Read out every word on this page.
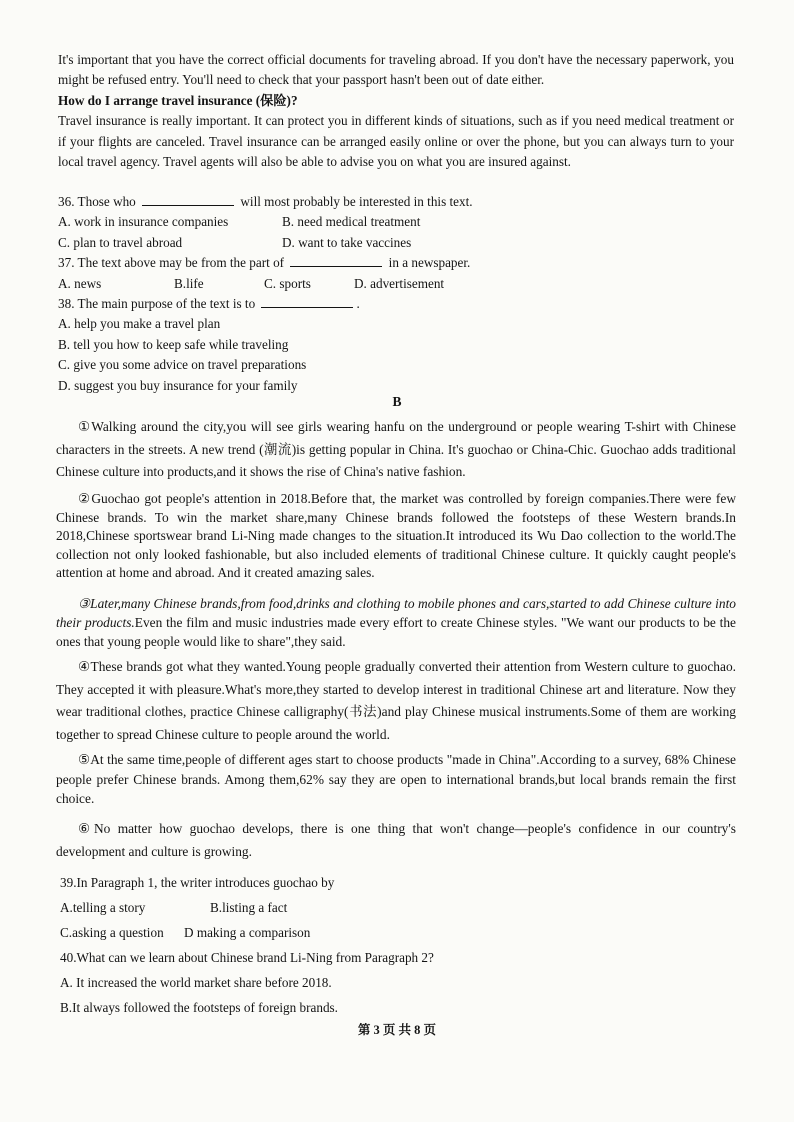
It's important that you have the correct official documents for traveling abroad. If you don't have the necessary paperwork, you might be refused entry. You'll need to check that your passport hasn't been out of date either.

How do I arrange travel insurance (保险)?

Travel insurance is really important. It can protect you in different kinds of situations, such as if you need medical treatment or if your flights are canceled. Travel insurance can be arranged easily online or over the phone, but you can always turn to your local travel agency. Travel agents will also be able to advise you on what you are insured against.

36. Those who	will most probably be interested in this text.
A. work in insurance companies	B. need medical treatment
C. plan to travel abroad	D. want to take vaccines
37. The text above may be from the part of	in a newspaper.
A. news	B.life	C. sports	D. advertisement
38. The main purpose of the text is to	.
A. help you make a travel plan
B. tell you how to keep safe while traveling
C. give you some advice on travel preparations
D. suggest you buy insurance for your family
B

①Walking around the city,you will see girls wearing hanfu on the underground or people wearing T-shirt with Chinese characters in the streets. A new trend (潮流)is getting popular in China. It's guochao or China-Chic. Guochao adds traditional Chinese culture into products,and it shows the rise of China's native fashion.

②Guochao got people's attention in 2018.Before that, the market was controlled by foreign companies.There were few Chinese brands. To win the market share,many Chinese brands followed the footsteps of these Western brands.In 2018,Chinese sportswear brand Li-Ning made changes to the situation.It introduced its Wu Dao collection to the world.The collection not only looked fashionable, but also included elements of traditional Chinese culture. It quickly caught people's attention at home and abroad. And it created amazing sales.

③Later,many Chinese brands,from food,drinks and clothing to mobile phones and cars,started to add Chinese culture into their products.Even the film and music industries made every effort to create Chinese styles. "We want our products to be the ones that young people would like to share",they said.

④These brands got what they wanted.Young people gradually converted their attention from Western culture to guochao. They accepted it with pleasure.What's more,they started to develop interest in traditional Chinese art and literature. Now they wear traditional clothes, practice Chinese calligraphy(书法)and play Chinese musical instruments.Some of them are working together to spread Chinese culture to people around the world.

⑤At the same time,people of different ages start to choose products "made in China".According to a survey, 68% Chinese people prefer Chinese brands. Among them,62% say they are open to international brands,but local brands remain the first choice.

⑥No matter how guochao develops, there is one thing that won't change—people's confidence in our country's development and culture is growing.

39.In Paragraph 1, the writer introduces guochao by
A.telling a story	B.listing a fact
C.asking a question D making a comparison
40.What can we learn about Chinese brand Li-Ning from Paragraph 2?
A. It increased the world market share before 2018.
B.It always followed the footsteps of foreign brands.
第 3 页 共 8 页
